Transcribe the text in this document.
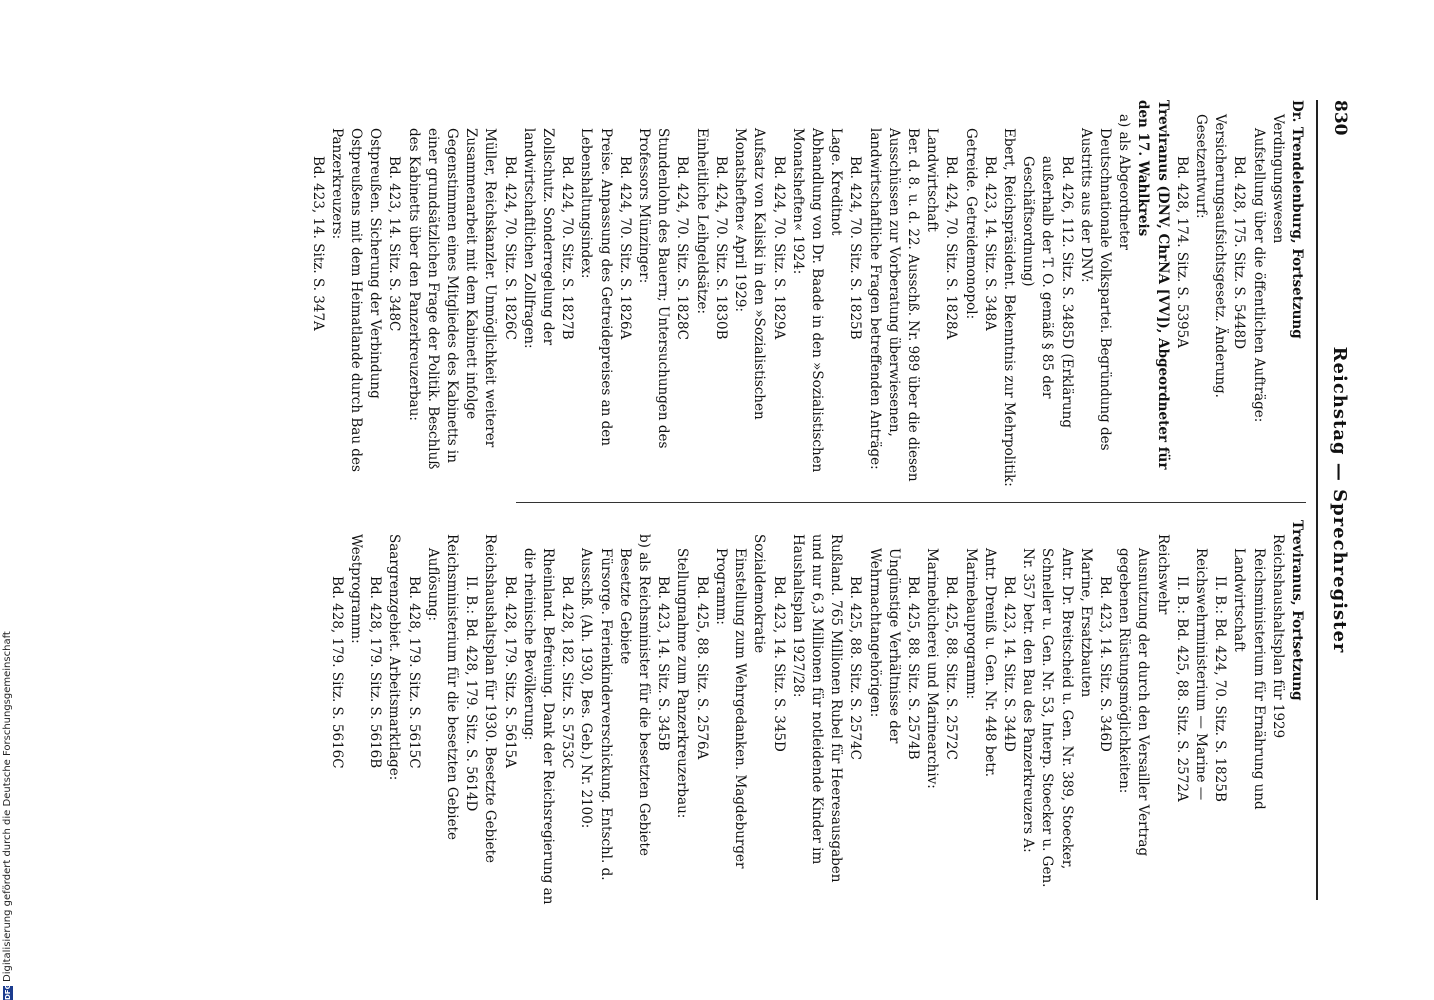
830
Reichstag — Sprechregister

Dr. Trendelenburg, Fortsetzung

Verdingungswesen

Aufstellung über die öffentlichen Aufträge:

Bd. 428, 175. Sitz. S. 5448D

Versicherungsaufsichtsgesetz. Änderung. Gesetzentwurf:

Bd. 428, 174. Sitz. S. 5395A

Treviranus (DNV, ChrNA [VV]), Abgeordneter für den 17. Wahlkreis

a) als Abgeordneter

Deutschnationale Volkspartei. Begründung des Austritts aus der DNV:

Bd. 426, 112. Sitz. S. 3485D (Erklärung außerhalb der T. O. gemäß § 85 der Geschäftsordnung)

Ebert, Reichspräsident. Bekenntnis zur Mehrpolitik:

Bd. 423, 14. Sitz. S. 348A

Getreide. Getreidemonopol:

Bd. 424, 70. Sitz. S. 1828A

Landwirtschaft

Ber. d. 8. u. d. 22. Ausschß. Nr. 989 über die diesen Ausschüssen zur Vorberatung überwiesenen, landwirtschaftliche Fragen betreffenden Anträge:

Bd. 424, 70. Sitz. S. 1825B

Lage. Kreditnot

Abhandlung von Dr. Baade in den »Sozialistischen Monatsheften« 1924:

Bd. 424, 70. Sitz. S. 1829A

Aufsatz von Kaliski in den »Sozialistischen Monatsheften« April 1929:

Bd. 424, 70. Sitz. S. 1830B

Einheitliche Leihgeldsätze:

Bd. 424, 70. Sitz. S. 1828C

Stundenlohn des Bauern; Untersuchungen des Professors Münzinger:

Bd. 424, 70. Sitz. S. 1826A

Preise. Anpassung des Getreidepreises an den Lebenshaltungsindex:

Bd. 424, 70. Sitz. S. 1827B

Zollschutz. Sonderregelung der landwirtschaftlichen Zollfragen:

Bd. 424, 70. Sitz. S. 1826C

Müller, Reichskanzler. Unmöglichkeit weiterer Zusammenarbeit mit dem Kabinett infolge Gegenstimmen eines Mitgliedes des Kabinetts in einer grundsätzlichen Frage der Politik. Beschluß des Kabinetts über den Panzerkreuzerbau:

Bd. 423, 14. Sitz. S. 348C

Ostpreußen. Sicherung der Verbindung Ostpreußens mit dem Heimatlande durch Bau des Panzerkreuzers:

Bd. 423, 14. Sitz. S. 347A

Treviranus, Fortsetzung

Reichshaushaltsplan für 1929

Reichsministerium für Ernährung und Landwirtschaft

II. B.: Bd. 424, 70. Sitz. S. 1825B

Reichswehrministerium — Marine —

II. B.: Bd. 425, 88. Sitz. S. 2572A

Reichswehr

Ausnutzung der durch den Versailler Vertrag gegebenen Rüstungsmöglichkeiten:

Bd. 423, 14. Sitz. S. 346D

Marine, Ersatzbauten

Antr. Dr. Breitscheid u. Gen. Nr. 389, Stoecker, Schneller u. Gen. Nr. 53, Interp. Stoecker u. Gen. Nr. 357 betr. den Bau des Panzerkreuzers A:

Bd. 423, 14. Sitz. S. 344D

Antr. Dreniß u. Gen. Nr. 448 betr. Marinebauprogramm:

Bd. 425, 88. Sitz. S. 2572C

Marinebücherei und Marinearchiv:

Bd. 425, 88. Sitz. S. 2574B

Ungünstige Verhältnisse der Wehrmachtangehörigen:

Bd. 425, 88. Sitz. S. 2574C

Rußland. 765 Millionen Rubel für Heeresausgaben und nur 6,3 Millionen für notleidende Kinder im Haushaltsplan 1927/28:

Bd. 423, 14. Sitz. S. 345D

Sozialdemokratie

Einstellung zum Wehrgedanken. Magdeburger Programm:

Bd. 425, 88. Sitz. S. 2576A

Stellungnahme zum Panzerkreuzerbau:

Bd. 423, 14. Sitz. S. 345B

b) als Reichsminister für die besetzten Gebiete

Besetzte Gebiete

Fürsorge. Ferienkinderverschickung. Entschl. d. Ausschß. (Ah. 1930, Bes. Geb.) Nr. 2100:

Bd. 428, 182. Sitz. S. 5753C

Rheinland. Befreiung. Dank der Reichsregierung an die rheinische Bevölkerung:

Bd. 428, 179. Sitz. S. 5615A

Reichshaushaltsplan für 1930. Besetzte Gebiete

II. B.: Bd. 428, 179. Sitz. S. 5614D

Reichsministerium für die besetzten Gebiete

Auflösung:

Bd. 428, 179. Sitz. S. 5615C

Saargrenzgebiet. Arbeitsmarktlage:

Bd. 428, 179. Sitz. S. 5616B

Westprogramm:

Bd. 428, 179. Sitz. S. 5616C

DFGDigitalisierung gefördert durch die Deutsche Forschungsgemeinschaft
